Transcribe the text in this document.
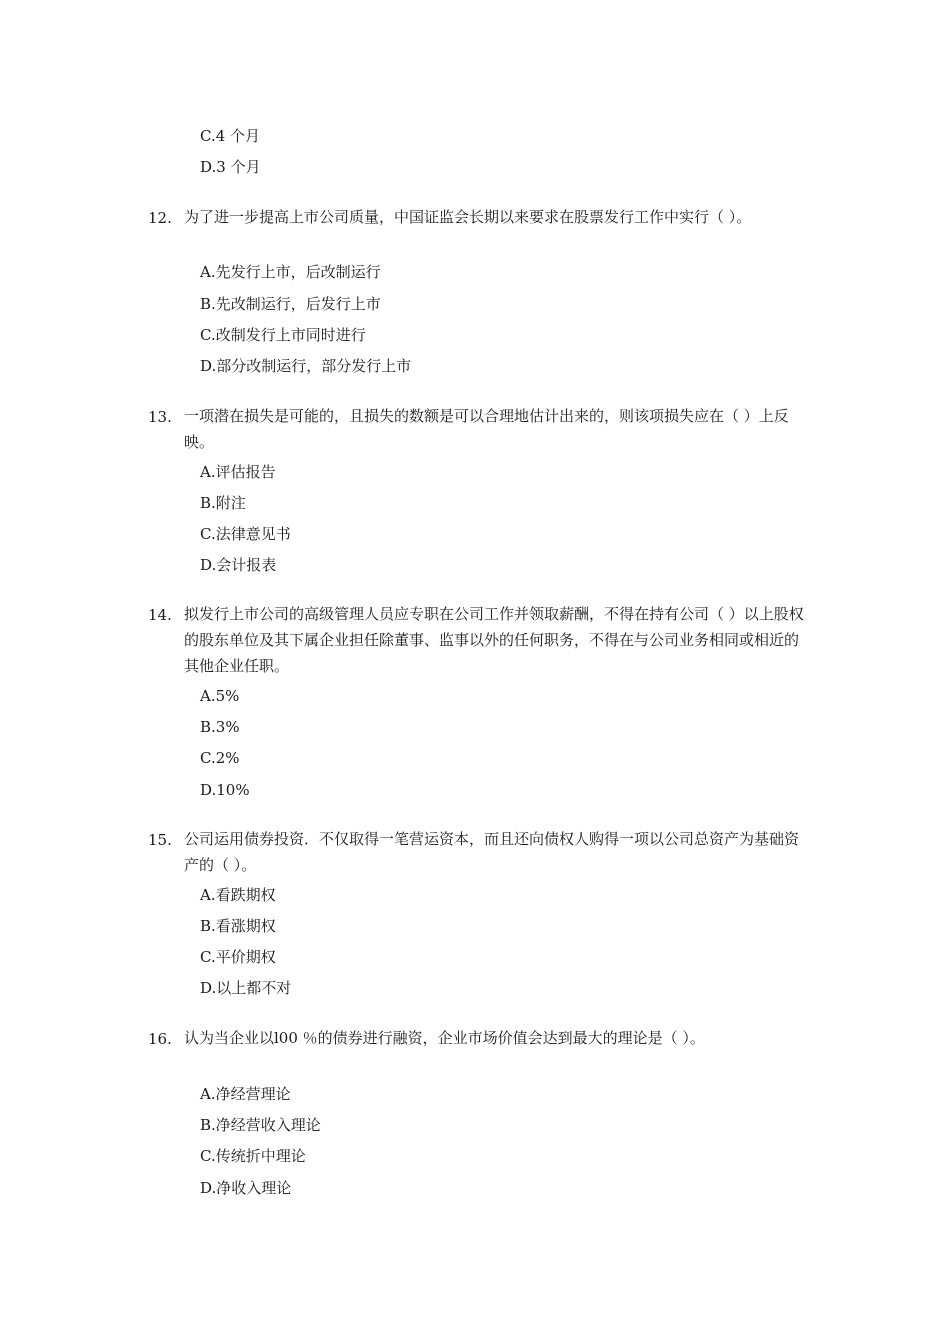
C.4 个月
D.3 个月
12. 为了进一步提高上市公司质量，中国证监会长期以来要求在股票发行工作中实行（ ）。
A.先发行上市，后改制运行
B.先改制运行，后发行上市
C.改制发行上市同时进行
D.部分改制运行，部分发行上市
13. 一项潜在损失是可能的，且损失的数额是可以合理地估计出来的，则该项损失应在（ ）上反映。
A.评估报告
B.附注
C.法律意见书
D.会计报表
14. 拟发行上市公司的高级管理人员应专职在公司工作并领取薪酬，不得在持有公司（ ）以上股权的股东单位及其下属企业担任除董事、监事以外的任何职务，不得在与公司业务相同或相近的其他企业任职。
A.5%
B.3%
C.2%
D.10%
15. 公司运用债券投资．不仅取得一笔营运资本，而且还向债权人购得一项以公司总资产为基础资产的（ ）。
A.看跌期权
B.看涨期权
C.平价期权
D.以上都不对
16. 认为当企业以l00 ％的债券进行融资，企业市场价值会达到最大的理论是（ ）。
A.净经营理论
B.净经营收入理论
C.传统折中理论
D.净收入理论
